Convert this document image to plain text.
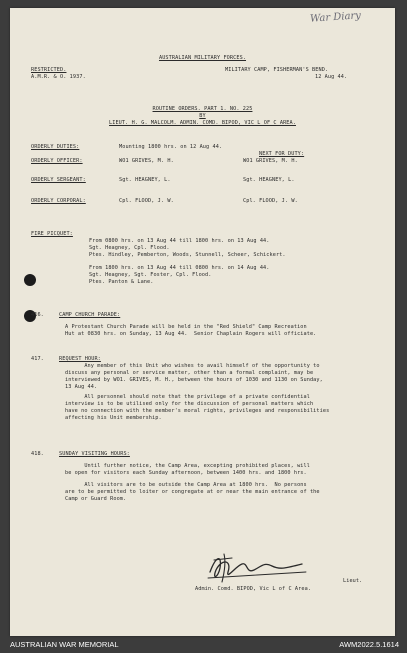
War Diary
AUSTRALIAN MILITARY FORCES.
RESTRICTED.
A.M.R. & O. 1937.
MILITARY CAMP, FISHERMAN'S BEND.
12 Aug 44.
ROUTINE ORDERS. PART 1. NO. 225
BY
LIEUT. H. G. MALCOLM. ADMIN. COMD. BIPOD, VIC L OF C AREA.
ORDERLY DUTIES:	Mounting 1800 hrs. on 12 Aug 44.
NEXT FOR DUTY:
ORDERLY OFFICER:	WO1 GRIVES, M. H.	WO1 GRIVES, M. H.
ORDERLY SERGEANT:	Sgt. HEAGNEY, L.	Sgt. HEAGNEY, L.
ORDERLY CORPORAL:	Cpl. FLOOD, J. W.	Cpl. FLOOD, J. W.
FIRE PICQUET:
From 0800 hrs. on 13 Aug 44 till 1800 hrs. on 13 Aug 44.
Sgt. Heagney, Cpl. Flood.
Ptes. Hindley, Pemberton, Woods, Stunnell, Scheer, Schickert.
From 1800 hrs. on 13 Aug 44 till 0800 hrs. on 14 Aug 44.
Sgt. Heagney, Sgt. Foster, Cpl. Flood.
Ptes. Panton & Lane.
416.	CAMP CHURCH PARADE:
A Protestant Church Parade will be held in the "Red Shield" Camp Recreation
Hut at 0830 hrs. on Sunday, 13 Aug 44.  Senior Chaplain Rogers will officiate.
417.	REQUEST HOUR:
Any member of this Unit who wishes to avail himself of the opportunity to
discuss any personal or service matter, other than a formal complaint, may be
interviewed by WO1. GRIVES, M. H., between the hours of 1030 and 1130 on Sunday,
13 Aug 44.
All personnel should note that the privilege of a private confidential
interview is to be utilised only for the discussion of personal matters which
have no connection with the member's moral rights, privileges and responsibilities
affecting his Unit membership.
418.	SUNDAY VISITING HOURS:
Until further notice, the Camp Area, excepting prohibited places, will
be open for visitors each Sunday afternoon, between 1400 hrs. and 1800 hrs.
All visitors are to be outside the Camp Area at 1800 hrs.  No persons
are to be permitted to loiter or congregate at or near the main entrance of the
Camp or Guard Room.
Lieut.
Admin. Comd. BIPOD, Vic L of C Area.
AUSTRALIAN WAR MEMORIAL	AWM2022.5.1614
